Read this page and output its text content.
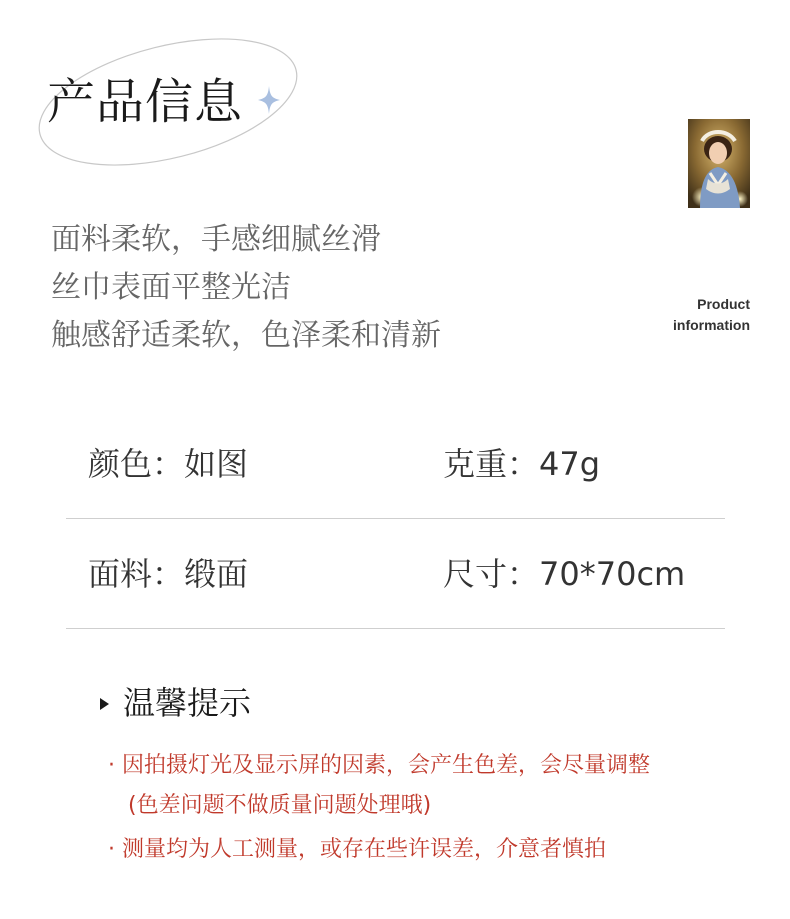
产品信息
Product
information
面料柔软，手感细腻丝滑
丝巾表面平整光洁
触感舒适柔软，色泽柔和清新
颜色：如图	克重：47g
面料：缎面	尺寸：70*70cm
温馨提示
· 因拍摄灯光及显示屏的因素，会产生色差，会尽量调整
(色差问题不做质量问题处理哦)
· 测量均为人工测量，或存在些许误差，介意者慎拍
